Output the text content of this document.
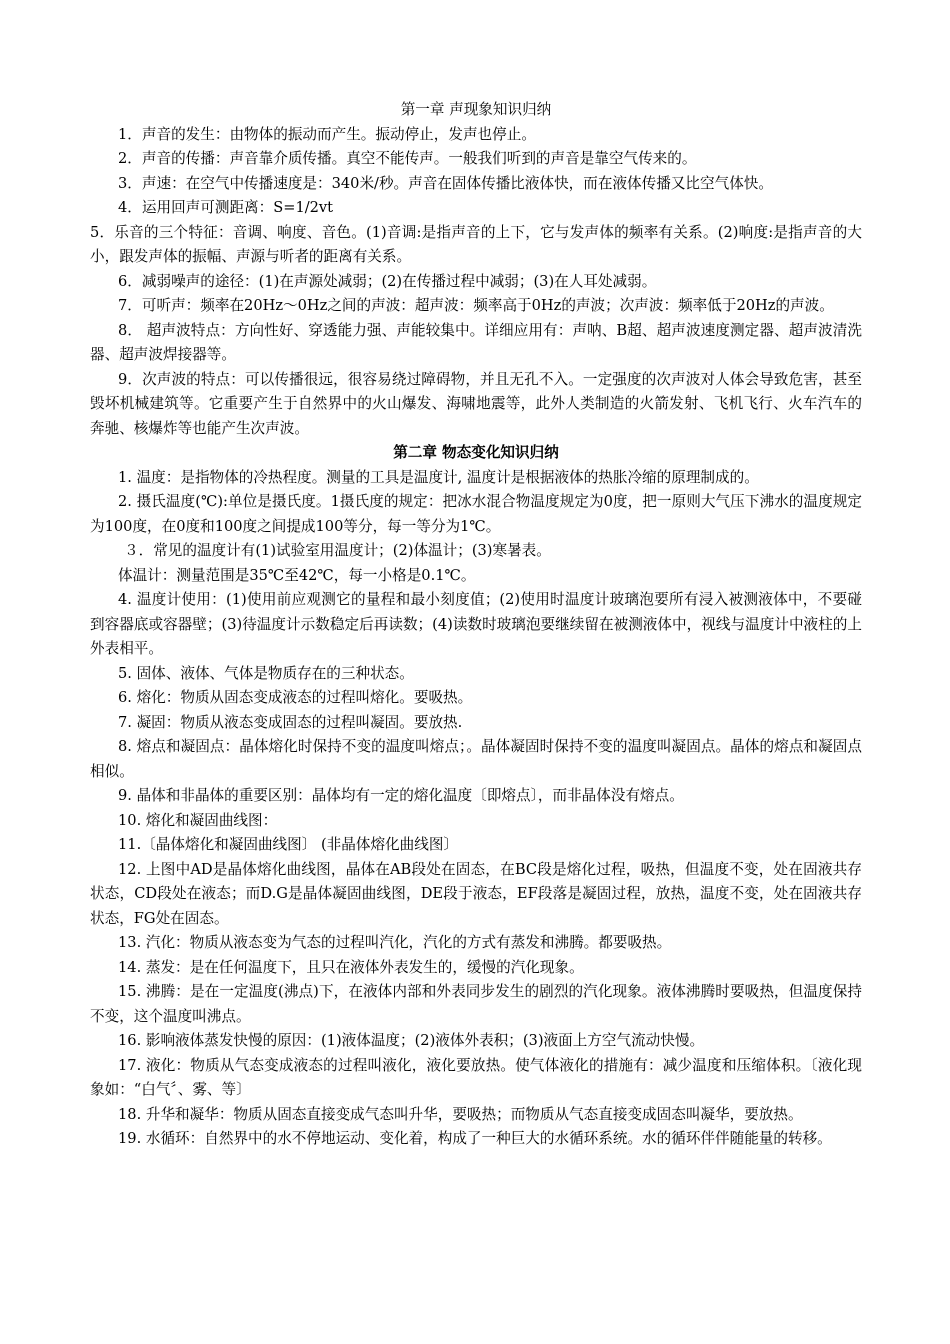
第一章 声现象知识归纳

1．声音的发生：由物体的振动而产生。振动停止，发声也停止。

2．声音的传播：声音靠介质传播。真空不能传声。一般我们听到的声音是靠空气传来的。

3．声速：在空气中传播速度是：340米/秒。声音在固体传播比液体快，而在液体传播又比空气体快。

4．运用回声可测距离：S=1/2vt

5．乐音的三个特征：音调、响度、音色。(1)音调:是指声音的上下，它与发声体的频率有关系。(2)响度:是指声音的大小，跟发声体的振幅、声源与听者的距离有关系。

6．减弱噪声的途径：(1)在声源处减弱；(2)在传播过程中减弱；(3)在人耳处减弱。

7．可听声：频率在20Hz～0Hz之间的声波：超声波：频率高于0Hz的声波；次声波：频率低于20Hz的声波。

8． 超声波特点：方向性好、穿透能力强、声能较集中。详细应用有：声呐、B超、超声波速度测定器、超声波清洗器、超声波焊接器等。

9．次声波的特点：可以传播很远，很容易绕过障碍物，并且无孔不入。一定强度的次声波对人体会导致危害，甚至毁坏机械建筑等。它重要产生于自然界中的火山爆发、海啸地震等，此外人类制造的火箭发射、飞机飞行、火车汽车的奔驰、核爆炸等也能产生次声波。

第二章 物态变化知识归纳

1. 温度：是指物体的冷热程度。测量的工具是温度计, 温度计是根据液体的热胀冷缩的原理制成的。

2. 摄氏温度(℃):单位是摄氏度。1摄氏度的规定：把冰水混合物温度规定为0度，把一原则大气压下沸水的温度规定为100度，在0度和100度之间提成100等分，每一等分为1℃。

３．常见的温度计有(1)试验室用温度计；(2)体温计；(3)寒暑表。

体温计：测量范围是35℃至42℃，每一小格是0.1℃。

4. 温度计使用：(1)使用前应观测它的量程和最小刻度值；(2)使用时温度计玻璃泡要所有浸入被测液体中，不要碰到容器底或容器壁；(3)待温度计示数稳定后再读数；(4)读数时玻璃泡要继续留在被测液体中，视线与温度计中液柱的上外表相平。

5. 固体、液体、气体是物质存在的三种状态。

6. 熔化：物质从固态变成液态的过程叫熔化。要吸热。

7. 凝固：物质从液态变成固态的过程叫凝固。要放热.

8. 熔点和凝固点：晶体熔化时保持不变的温度叫熔点；。晶体凝固时保持不变的温度叫凝固点。晶体的熔点和凝固点相似。

9. 晶体和非晶体的重要区别：晶体均有一定的熔化温度〔即熔点〕，而非晶体没有熔点。

10. 熔化和凝固曲线图：

11.〔晶体熔化和凝固曲线图〕 (非晶体熔化曲线图〕

12. 上图中AD是晶体熔化曲线图，晶体在AB段处在固态，在BC段是熔化过程，吸热，但温度不变，处在固液共存状态，CD段处在液态；而D.G是晶体凝固曲线图，DE段于液态，EF段落是凝固过程，放热，温度不变，处在固液共存状态，FG处在固态。

13. 汽化：物质从液态变为气态的过程叫汽化，汽化的方式有蒸发和沸腾。都要吸热。

14. 蒸发：是在任何温度下，且只在液体外表发生的，缓慢的汽化现象。

15. 沸腾：是在一定温度(沸点)下，在液体内部和外表同步发生的剧烈的汽化现象。液体沸腾时要吸热，但温度保持不变，这个温度叫沸点。

16. 影响液体蒸发快慢的原因：(1)液体温度；(2)液体外表积；(3)液面上方空气流动快慢。

17. 液化：物质从气态变成液态的过程叫液化，液化要放热。使气体液化的措施有：减少温度和压缩体积。〔液化现象如：“白气〞、雾、等〕

18. 升华和凝华：物质从固态直接变成气态叫升华，要吸热；而物质从气态直接变成固态叫凝华，要放热。

19. 水循环：自然界中的水不停地运动、变化着，构成了一种巨大的水循环系统。水的循环伴伴随能量的转移。
